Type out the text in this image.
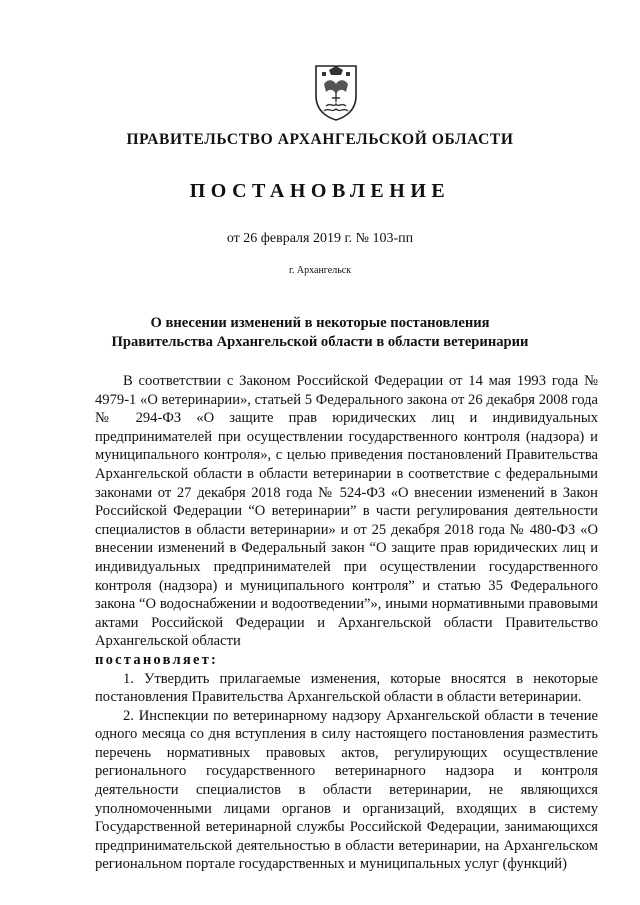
ПРАВИТЕЛЬСТВО АРХАНГЕЛЬСКОЙ ОБЛАСТИ
ПОСТАНОВЛЕНИЕ
от 26 февраля 2019 г. № 103-пп
г. Архангельск
О внесении изменений в некоторые постановления
Правительства Архангельской области в области ветеринарии

В соответствии с Законом Российской Федерации от 14 мая 1993 года № 4979-1 «О ветеринарии», статьей 5 Федерального закона от 26 декабря 2008 года № 294-ФЗ «О защите прав юридических лиц и индивидуальных предпринимателей при осуществлении государственного контроля (надзора) и муниципального контроля», с целью приведения постановлений Правительства Архангельской области в области ветеринарии в соответствие с федеральными законами от 27 декабря 2018 года № 524-ФЗ «О внесении изменений в Закон Российской Федерации “О ветеринарии” в части регулирования деятельности специалистов в области ветеринарии» и от 25 декабря 2018 года № 480-ФЗ «О внесении изменений в Федеральный закон “О защите прав юридических лиц и индивидуальных предпринимателей при осуществлении государственного контроля (надзора) и муниципального контроля” и статью 35 Федерального закона “О водоснабжении и водоотведении”», иными нормативными правовыми актами Российской Федерации и Архангельской области Правительство Архангельской области

постановляет:

1. Утвердить прилагаемые изменения, которые вносятся в некоторые постановления Правительства Архангельской области в области ветеринарии.

2. Инспекции по ветеринарному надзору Архангельской области в течение одного месяца со дня вступления в силу настоящего постановления разместить перечень нормативных правовых актов, регулирующих осуществление регионального государственного ветеринарного надзора и контроля деятельности специалистов в области ветеринарии, не являющихся уполномоченными лицами органов и организаций, входящих в систему Государственной ветеринарной службы Российской Федерации, занимающихся предпринимательской деятельностью в области ветеринарии, на Архангельском региональном портале государственных и муниципальных услуг (функций)
